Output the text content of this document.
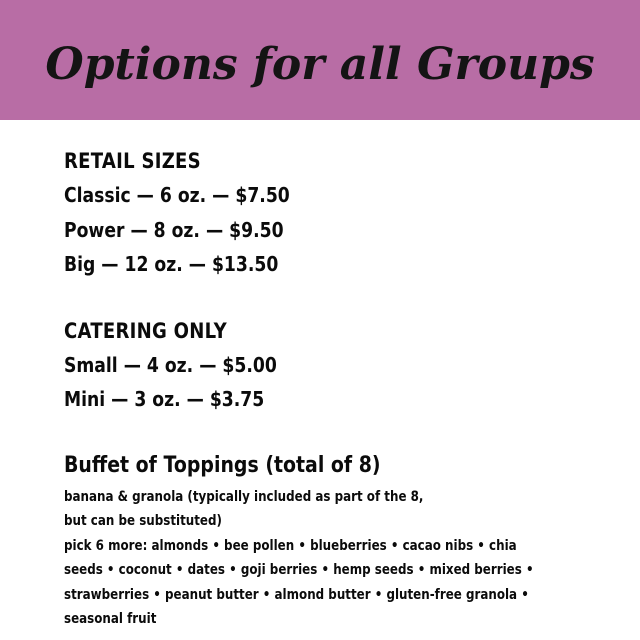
Options for all Groups
RETAIL SIZES
Classic — 6 oz. — $7.50
Power — 8 oz. — $9.50
Big — 12 oz. — $13.50
CATERING ONLY
Small — 4 oz. — $5.00
Mini — 3 oz. — $3.75
Buffet of Toppings (total of 8)
banana & granola (typically included as part of the 8,
but can be substituted)
pick 6 more: almonds • bee pollen • blueberries • cacao nibs • chia
seeds • coconut • dates • goji berries • hemp seeds • mixed berries •
strawberries • peanut butter • almond butter • gluten-free granola •
seasonal fruit
